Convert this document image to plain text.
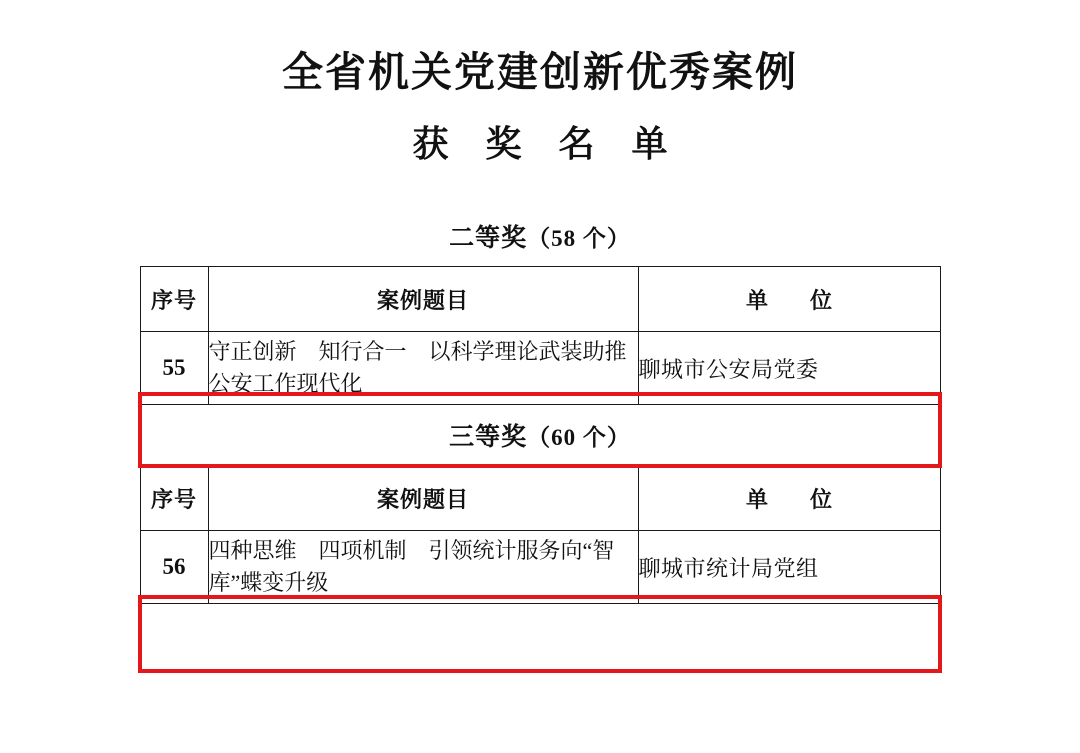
全省机关党建创新优秀案例
获 奖 名 单
二等奖（58 个）
序号	案例题目	单　位
55	守正创新　知行合一　以科学理论武装助推公安工作现代化	聊城市公安局党委
三等奖（60 个）
序号	案例题目	单　位
56	四种思维　四项机制　引领统计服务向“智库”蝶变升级	聊城市统计局党组
